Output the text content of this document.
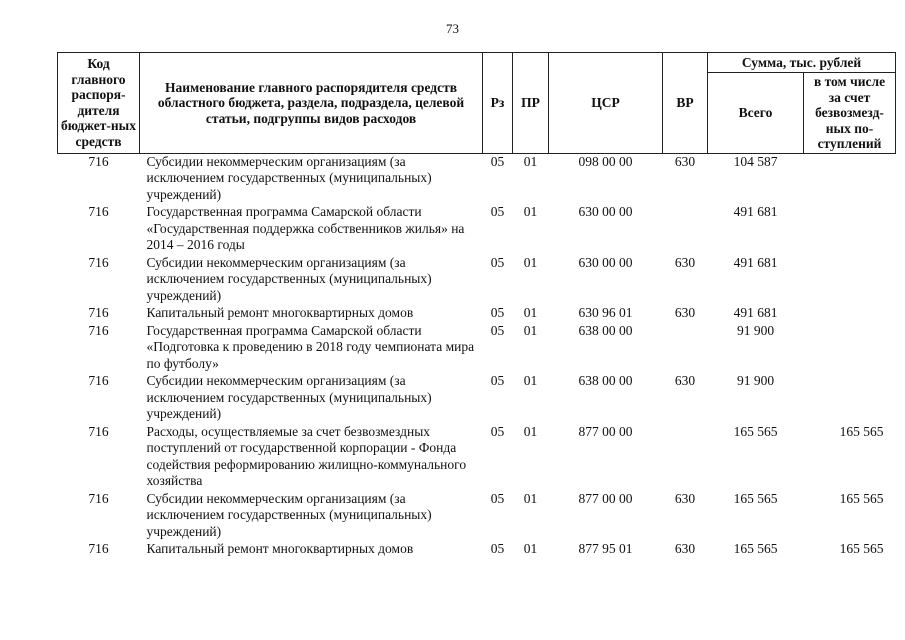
73
Код главного распоря-дителя бюджет-ных средств	Наименование главного распорядителя средств областного бюджета, раздела, подраздела, целевой статьи, подгруппы видов расходов	Рз	ПР	ЦСР	ВР	Сумма, тыс. рублей	
						Всего	в том числе за счет безвозмезд-ных по-ступлений
716	Субсидии некоммерческим организациям (за исключением государственных (муниципальных) учреждений)	05	01	098 00 00	630	104 587	
716	Государственная программа Самарской области «Государственная поддержка собственников жилья» на 2014 – 2016 годы	05	01	630 00 00		491 681	
716	Субсидии некоммерческим организациям (за исключением государственных (муниципальных) учреждений)	05	01	630 00 00	630	491 681	
716	Капитальный ремонт многоквартирных домов	05	01	630 96 01	630	491 681	
716	Государственная программа Самарской области «Подготовка к проведению в 2018 году чемпионата мира по футболу»	05	01	638 00 00		91 900	
716	Субсидии некоммерческим организациям (за исключением государственных (муниципальных) учреждений)	05	01	638 00 00	630	91 900	
716	Расходы, осуществляемые за счет безвозмездных поступлений от государственной корпорации - Фонда содействия реформированию жилищно-коммунального хозяйства	05	01	877 00 00		165 565	165 565
716	Субсидии некоммерческим организациям (за исключением государственных (муниципальных) учреждений)	05	01	877 00 00	630	165 565	165 565
716	Капитальный ремонт многоквартирных домов	05	01	877 95 01	630	165 565	165 565
